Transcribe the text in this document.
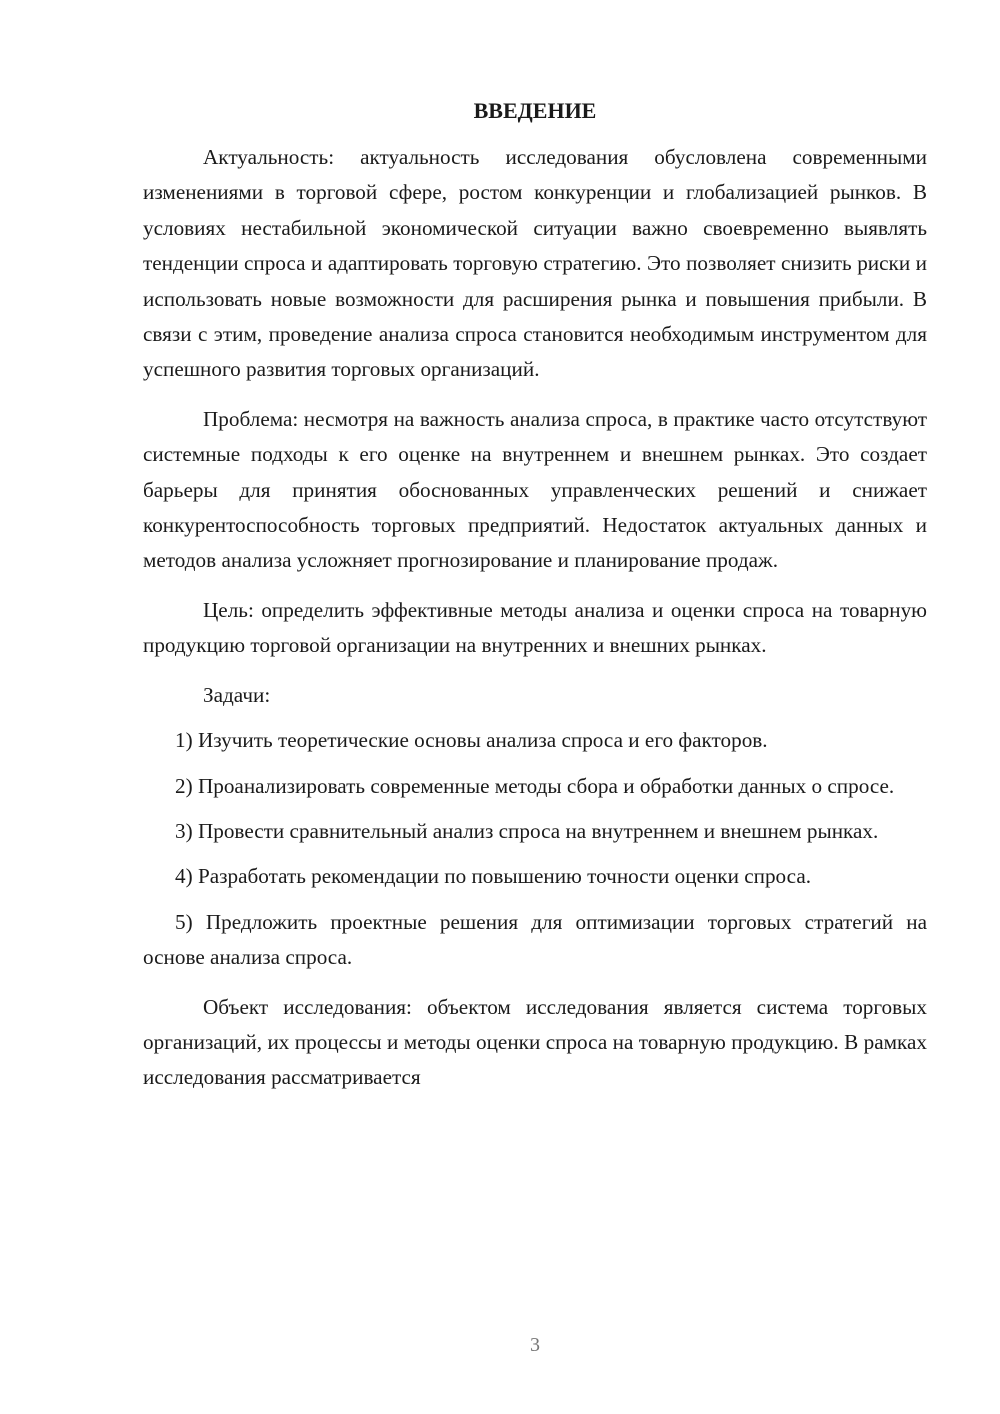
ВВЕДЕНИЕ

Актуальность: актуальность исследования обусловлена современными изменениями в торговой сфере, ростом конкуренции и глобализацией рынков. В условиях нестабильной экономической ситуации важно своевременно выявлять тенденции спроса и адаптировать торговую стратегию. Это позволяет снизить риски и использовать новые возможности для расширения рынка и повышения прибыли. В связи с этим, проведение анализа спроса становится необходимым инструментом для успешного развития торговых организаций.

Проблема: несмотря на важность анализа спроса, в практике часто отсутствуют системные подходы к его оценке на внутреннем и внешнем рынках. Это создает барьеры для принятия обоснованных управленческих решений и снижает конкурентоспособность торговых предприятий. Недостаток актуальных данных и методов анализа усложняет прогнозирование и планирование продаж.

Цель: определить эффективные методы анализа и оценки спроса на товарную продукцию торговой организации на внутренних и внешних рынках.

Задачи:

1) Изучить теоретические основы анализа спроса и его факторов.

2) Проанализировать современные методы сбора и обработки данных о спросе.

3) Провести сравнительный анализ спроса на внутреннем и внешнем рынках.

4) Разработать рекомендации по повышению точности оценки спроса.

5) Предложить проектные решения для оптимизации торговых стратегий на основе анализа спроса.

Объект исследования: объектом исследования является система торговых организаций, их процессы и методы оценки спроса на товарную продукцию. В рамках исследования рассматривается

3
